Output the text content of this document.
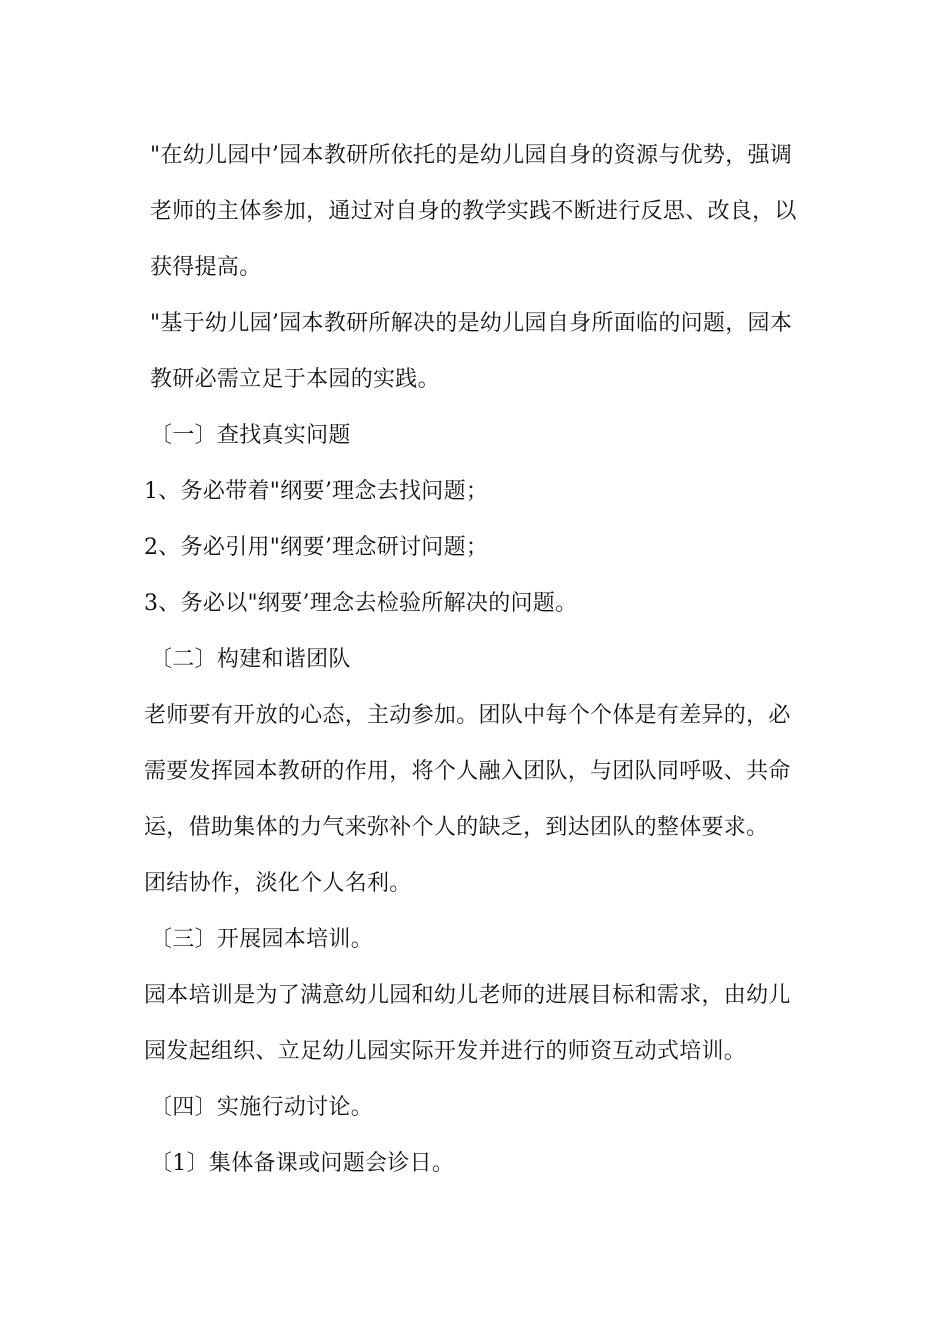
"在幼儿园中’园本教研所依托的是幼儿园自身的资源与优势，强调老师的主体参加，通过对自身的教学实践不断进行反思、改良，以获得提高。

"基于幼儿园’园本教研所解决的是幼儿园自身所面临的问题，园本教研必需立足于本园的实践。

〔一〕查找真实问题

1、务必带着"纲要’理念去找问题；

2、务必引用"纲要’理念研讨问题；

3、务必以"纲要’理念去检验所解决的问题。

〔二〕构建和谐团队

老师要有开放的心态，主动参加。团队中每个个体是有差异的，必需要发挥园本教研的作用，将个人融入团队，与团队同呼吸、共命运，借助集体的力气来弥补个人的缺乏，到达团队的整体要求。

团结协作，淡化个人名利。

〔三〕开展园本培训。

园本培训是为了满意幼儿园和幼儿老师的进展目标和需求，由幼儿园发起组织、立足幼儿园实际开发并进行的师资互动式培训。

〔四〕实施行动讨论。

〔1〕集体备课或问题会诊日。
